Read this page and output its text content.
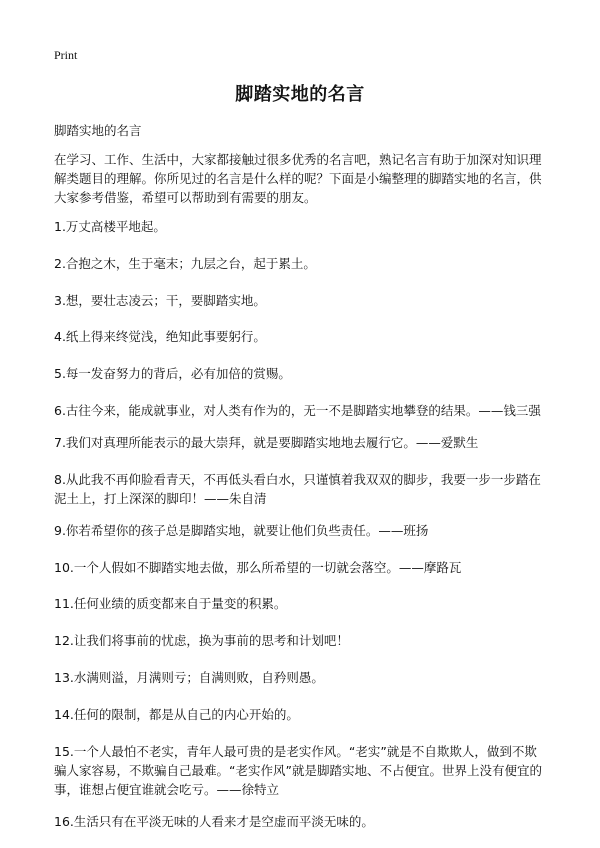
Print
脚踏实地的名言
脚踏实地的名言

在学习、工作、生活中，大家都接触过很多优秀的名言吧，熟记名言有助于加深对知识理解类题目的理解。你所见过的名言是什么样的呢？下面是小编整理的脚踏实地的名言，供大家参考借鉴，希望可以帮助到有需要的朋友。

1.万丈高楼平地起。

2.合抱之木，生于毫末；九层之台，起于累土。

3.想，要壮志凌云；干，要脚踏实地。

4.纸上得来终觉浅，绝知此事要躬行。

5.每一发奋努力的背后，必有加倍的赏赐。

6.古往今来，能成就事业，对人类有作为的，无一不是脚踏实地攀登的结果。——钱三强

7.我们对真理所能表示的最大崇拜，就是要脚踏实地地去履行它。——爱默生

8.从此我不再仰脸看青天，不再低头看白水，只谨慎着我双双的脚步，我要一步一步踏在泥土上，打上深深的脚印！——朱自清

9.你若希望你的孩子总是脚踏实地，就要让他们负些责任。——班扬

10.一个人假如不脚踏实地去做，那么所希望的一切就会落空。——摩路瓦

11.任何业绩的质变都来自于量变的积累。

12.让我们将事前的忧虑，换为事前的思考和计划吧！

13.水满则溢，月满则亏；自满则败，自矜则愚。

14.任何的限制，都是从自己的内心开始的。

15.一个人最怕不老实，青年人最可贵的是老实作风。“老实”就是不自欺欺人，做到不欺骗人家容易，不欺骗自己最难。“老实作风”就是脚踏实地、不占便宜。世界上没有便宜的事，谁想占便宜谁就会吃亏。——徐特立

16.生活只有在平淡无味的人看来才是空虚而平淡无味的。
